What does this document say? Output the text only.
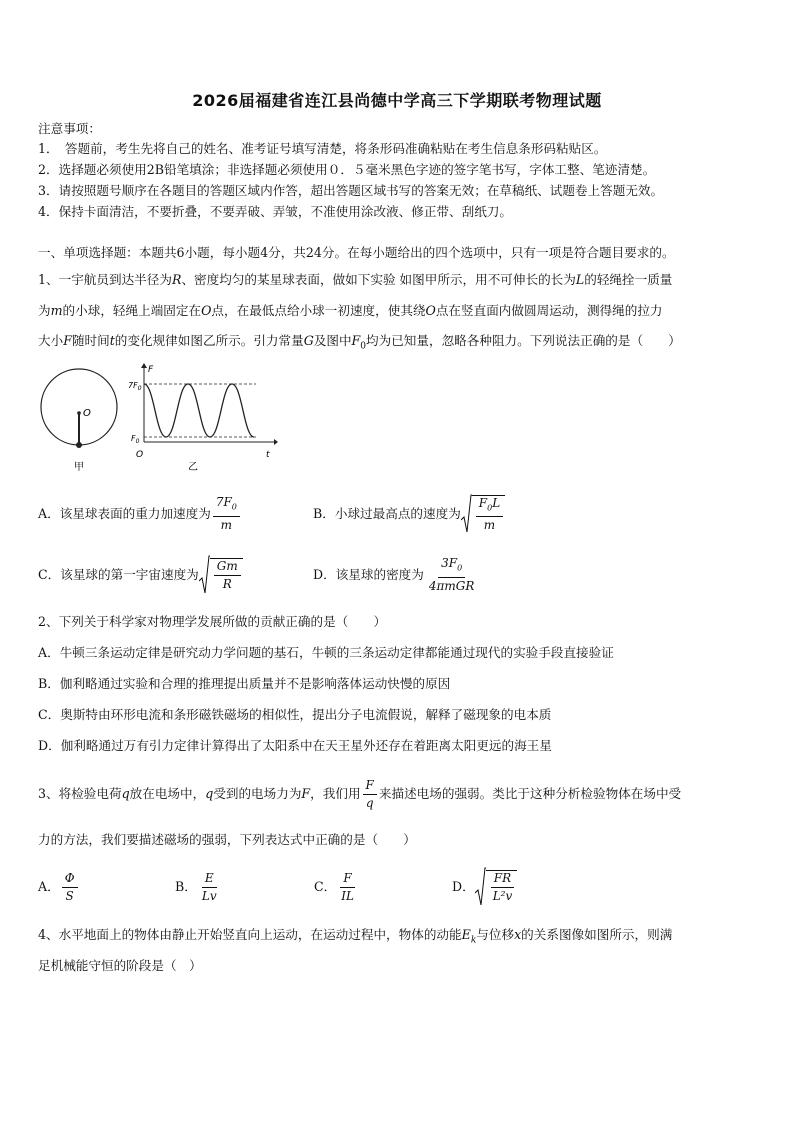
2026届福建省连江县尚德中学高三下学期联考物理试题
注意事项：
1．　答题前，考生先将自己的姓名、准考证号填写清楚，将条形码准确粘贴在考生信息条形码粘贴区。
2．选择题必须使用2B铅笔填涂；非选择题必须使用０．５毫米黑色字迹的签字笔书写，字体工整、笔迹清楚。
3．请按照题号顺序在各题目的答题区域内作答，超出答题区域书写的答案无效；在草稿纸、试题卷上答题无效。
4．保持卡面清洁，不要折叠，不要弄破、弄皱，不准使用涂改液、修正带、刮纸刀。
一、单项选择题：本题共6小题，每小题4分，共24分。在每小题给出的四个选项中，只有一项是符合题目要求的。
1、一宇航员到达半径为R、密度均匀的某星球表面，做如下实验 如图甲所示，用不可伸长的长为L的轻绳拴一质量
为m的小球，轻绳上端固定在O点，在最低点给小球一初速度，使其绕O点在竖直面内做圆周运动，测得绳的拉力
大小F随时间t的变化规律如图乙所示。引力常量G及图中$F_0$均为已知量，忽略各种阻力。下列说法正确的是（　　）
O
甲
F
$7F_0$
$F_0$
O	t
乙
A．该星球表面的重力加速度为 $\frac{7F_0}{m}$	B．小球过最高点的速度为 $\frac{F_0L}{m}$
C．该星球的第一宇宙速度为 $\frac{Gm}{R}$	D．该星球的密度为 $\frac{3F_0}{\text{4πmGR}}$
2、下列关于科学家对物理学发展所做的贡献正确的是（　　）
A．牛顿三条运动定律是研究动力学问题的基石，牛顿的三条运动定律都能通过现代的实验手段直接验证
B．伽利略通过实验和合理的推理提出质量并不是影响落体运动快慢的原因
C．奥斯特由环形电流和条形磁铁磁场的相似性，提出分子电流假说，解释了磁现象的电本质
D．伽利略通过万有引力定律计算得出了太阳系中在天王星外还存在着距离太阳更远的海王星
3、将检验电荷 q 放在电场中， q 受到的电场力为 F ，我们用 $\frac{F}{q}$ 来描述电场的强弱。类比于这种分析检验物体在场中受
力的方法，我们要描述磁场的强弱，下列表达式中正确的是（　　）
A． $\frac{\Phi}{S}$	B． $\frac{E}{Lv}$	C． $\frac{F}{IL}$	D． $\frac{FR}{\text{L²v}}$
4、水平地面上的物体由静止开始竖直向上运动，在运动过程中，物体的动能$E_k$与位移x的关系图像如图所示，则满
足机械能守恒的阶段是（　）
